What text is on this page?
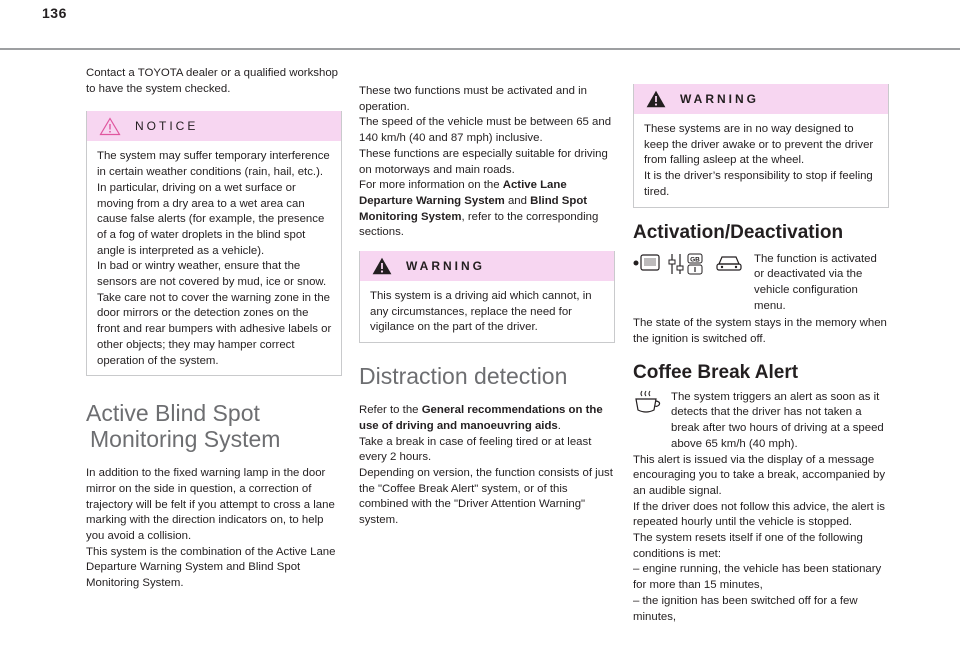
136

Contact a TOYOTA dealer or a qualified workshop to have the system checked.

NOTICE
The system may suffer temporary interference in certain weather conditions (rain, hail, etc.).
In particular, driving on a wet surface or moving from a dry area to a wet area can cause false alerts (for example, the presence of a fog of water droplets in the blind spot angle is interpreted as a vehicle).
In bad or wintry weather, ensure that the sensors are not covered by mud, ice or snow.
Take care not to cover the warning zone in the door mirrors or the detection zones on the front and rear bumpers with adhesive labels or other objects; they may hamper correct operation of the system.
Active Blind Spot
Monitoring System

In addition to the fixed warning lamp in the door mirror on the side in question, a correction of trajectory will be felt if you attempt to cross a lane marking with the direction indicators on, to help you avoid a collision.

This system is the combination of the Active Lane Departure Warning System and Blind Spot Monitoring System.

These two functions must be activated and in operation.

The speed of the vehicle must be between 65 and 140 km/h (40 and 87 mph) inclusive.

These functions are especially suitable for driving on motorways and main roads.

For more information on the Active Lane Departure Warning System and Blind Spot Monitoring System, refer to the corresponding sections.

WARNING
This system is a driving aid which cannot, in any circumstances, replace the need for vigilance on the part of the driver.
Distraction detection

Refer to the General recommendations on the use of driving and manoeuvring aids.

Take a break in case of feeling tired or at least every 2 hours.

Depending on version, the function consists of just the "Coffee Break Alert" system, or of this combined with the "Driver Attention Warning" system.

WARNING
These systems are in no way designed to keep the driver awake or to prevent the driver from falling asleep at the wheel.
It is the driver’s responsibility to stop if feeling tired.
Activation/Deactivation
GB	The function is activated or deactivated via the vehicle configuration menu.

The state of the system stays in the memory when the ignition is switched off.

Coffee Break Alert
The system triggers an alert as soon as it detects that the driver has not taken a break after two hours of driving at a speed above 65 km/h (40 mph).

This alert is issued via the display of a message encouraging you to take a break, accompanied by an audible signal.

If the driver does not follow this advice, the alert is repeated hourly until the vehicle is stopped.

The system resets itself if one of the following conditions is met:

– engine running, the vehicle has been stationary for more than 15 minutes,

– the ignition has been switched off for a few minutes,
